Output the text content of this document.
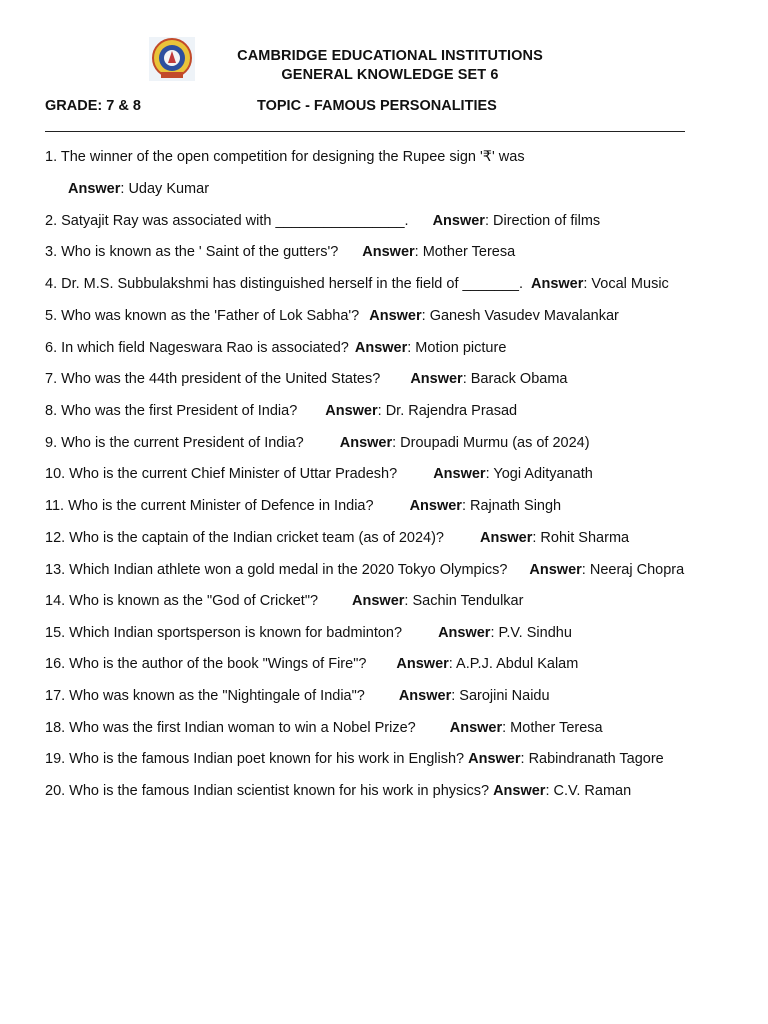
CAMBRIDGE EDUCATIONAL INSTITUTIONS
GENERAL KNOWLEDGE SET 6
GRADE: 7 & 8	TOPIC - FAMOUS PERSONALITIES
1. The winner of the open competition for designing the Rupee sign '₹' was
Answer: Uday Kumar
2. Satyajit Ray was associated with ________________. Answer: Direction of films
3. Who is known as the ' Saint of the gutters'? Answer: Mother Teresa
4. Dr. M.S. Subbulakshmi has distinguished herself in the field of _______. Answer: Vocal Music
5. Who was known as the 'Father of Lok Sabha'? Answer: Ganesh Vasudev Mavalankar
6. In which field Nageswara Rao is associated? Answer: Motion picture
7. Who was the 44th president of the United States? Answer: Barack Obama
8. Who was the first President of India? Answer: Dr. Rajendra Prasad
9. Who is the current President of India? Answer: Droupadi Murmu (as of 2024)
10. Who is the current Chief Minister of Uttar Pradesh? Answer: Yogi Adityanath
11. Who is the current Minister of Defence in India? Answer: Rajnath Singh
12. Who is the captain of the Indian cricket team (as of 2024)? Answer: Rohit Sharma
13. Which Indian athlete won a gold medal in the 2020 Tokyo Olympics? Answer: Neeraj Chopra
14. Who is known as the "God of Cricket"? Answer: Sachin Tendulkar
15. Which Indian sportsperson is known for badminton? Answer: P.V. Sindhu
16. Who is the author of the book "Wings of Fire"? Answer: A.P.J. Abdul Kalam
17. Who was known as the "Nightingale of India"? Answer: Sarojini Naidu
18. Who was the first Indian woman to win a Nobel Prize? Answer: Mother Teresa
19. Who is the famous Indian poet known for his work in English? Answer: Rabindranath Tagore
20. Who is the famous Indian scientist known for his work in physics? Answer: C.V. Raman
